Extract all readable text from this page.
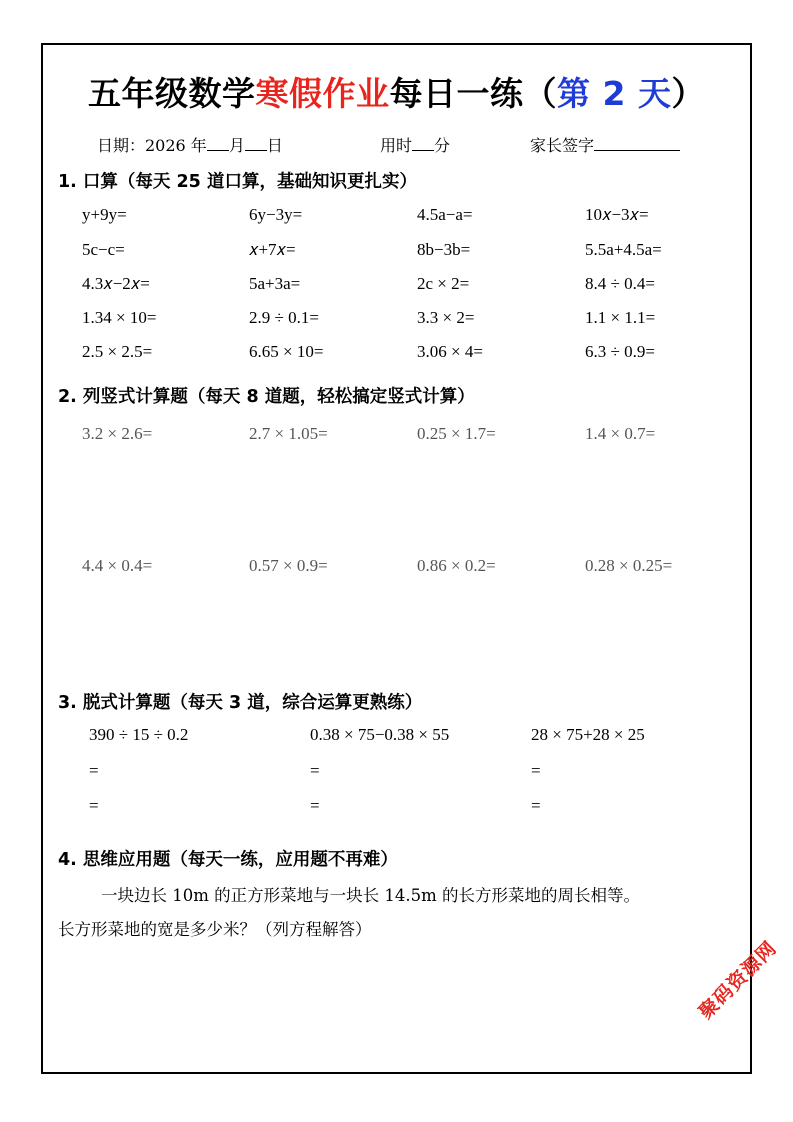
五年级数学寒假作业每日一练（第 2 天）
日期：2026 年 月 日	用时 分	家长签字
1. 口算（每天 25 道口算，基础知识更扎实）
y+9y=	6y−3y=	4.5a−a=	10𝑥−3𝑥=
5c−c=	𝑥+7𝑥=	8b−3b=	5.5a+4.5a=
4.3𝑥−2𝑥=	5a+3a=	2c × 2=	8.4 ÷ 0.4=
1.34 × 10=	2.9 ÷ 0.1=	3.3 × 2=	1.1 × 1.1=
2.5 × 2.5=	6.65 × 10=	3.06 × 4=	6.3 ÷ 0.9=
2. 列竖式计算题（每天 8 道题，轻松搞定竖式计算）
3.2 × 2.6=	2.7 × 1.05=	0.25 × 1.7=	1.4 × 0.7=
4.4 × 0.4=	0.57 × 0.9=	0.86 × 0.2=	0.28 × 0.25=
3. 脱式计算题（每天 3 道，综合运算更熟练）
390 ÷ 15 ÷ 0.2	0.38 × 75−0.38 × 55	28 × 75+28 × 25
=	=	=
=	=	=
4. 思维应用题（每天一练，应用题不再难）
一块边长 10m 的正方形菜地与一块长 14.5m 的长方形菜地的周长相等。
长方形菜地的宽是多少米？（列方程解答）
聚码资源网
